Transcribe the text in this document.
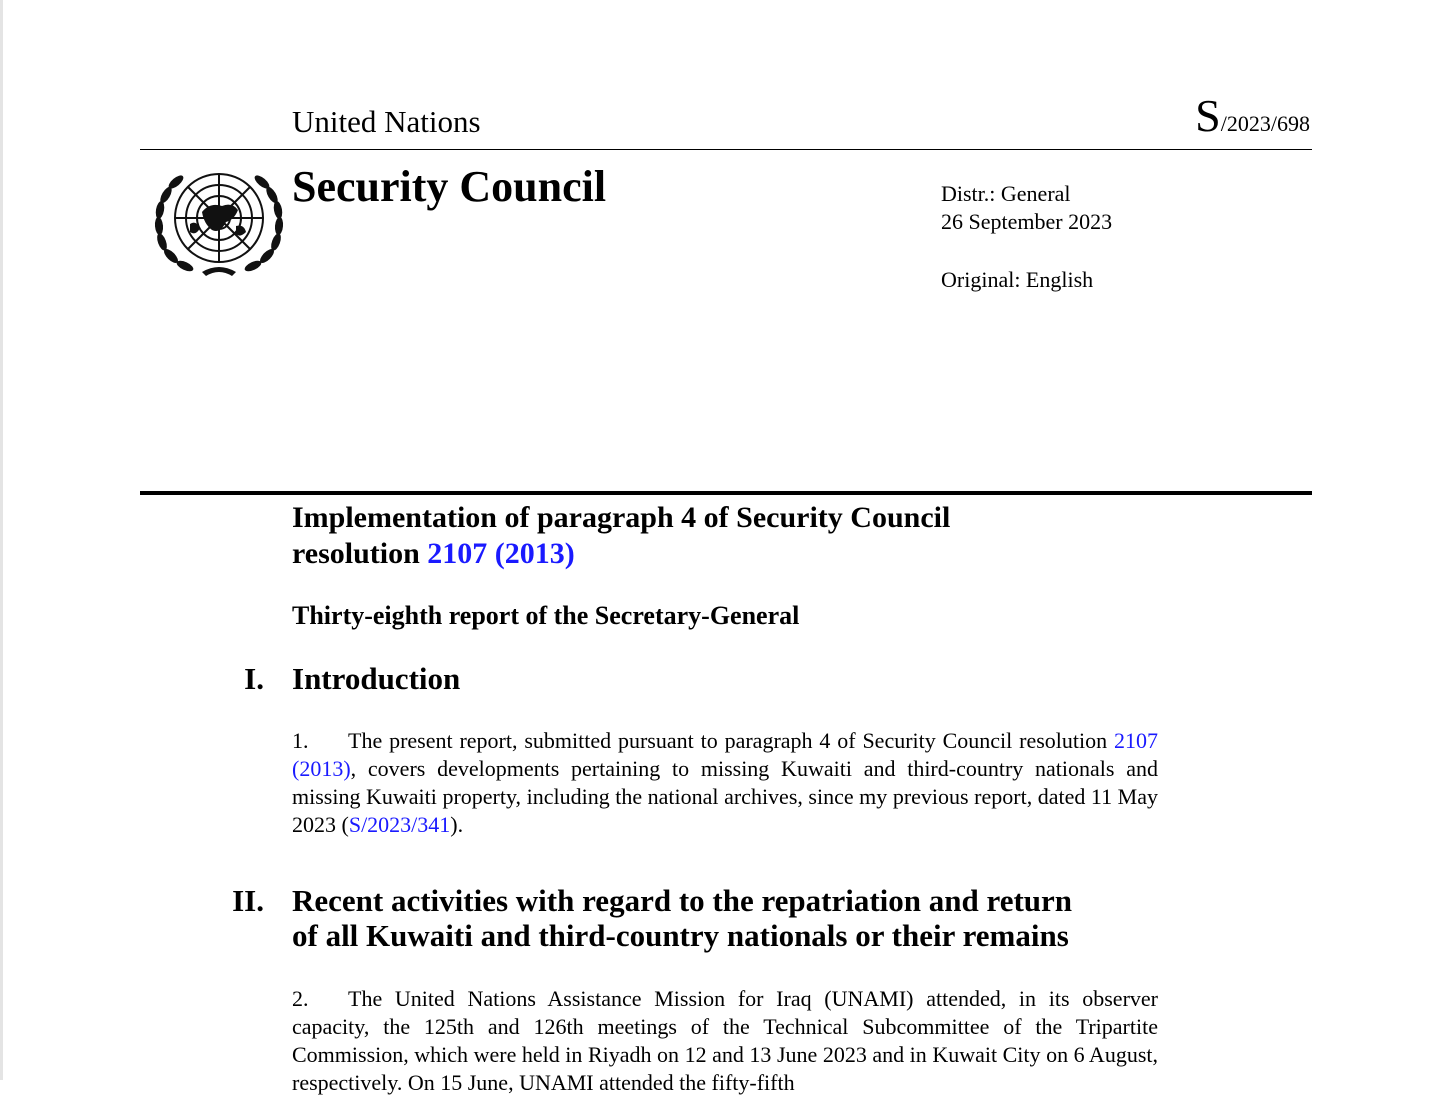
United Nations	S/2023/698
Security Council	Distr.: General
26 September 2023
Original: English
Implementation of paragraph 4 of Security Council
resolution 2107 (2013)
Thirty-eighth report of the Secretary-General
I. Introduction
1. The present report, submitted pursuant to paragraph 4 of Security Council resolution 2107 (2013), covers developments pertaining to missing Kuwaiti and third-country nationals and missing Kuwaiti property, including the national archives, since my previous report, dated 11 May 2023 (S/2023/341).
II. Recent activities with regard to the repatriation and return
of all Kuwaiti and third-country nationals or their remains
2. The United Nations Assistance Mission for Iraq (UNAMI) attended, in its observer capacity, the 125th and 126th meetings of the Technical Subcommittee of the Tripartite Commission, which were held in Riyadh on 12 and 13 June 2023 and in Kuwait City on 6 August, respectively. On 15 June, UNAMI attended the fifty-fifth
